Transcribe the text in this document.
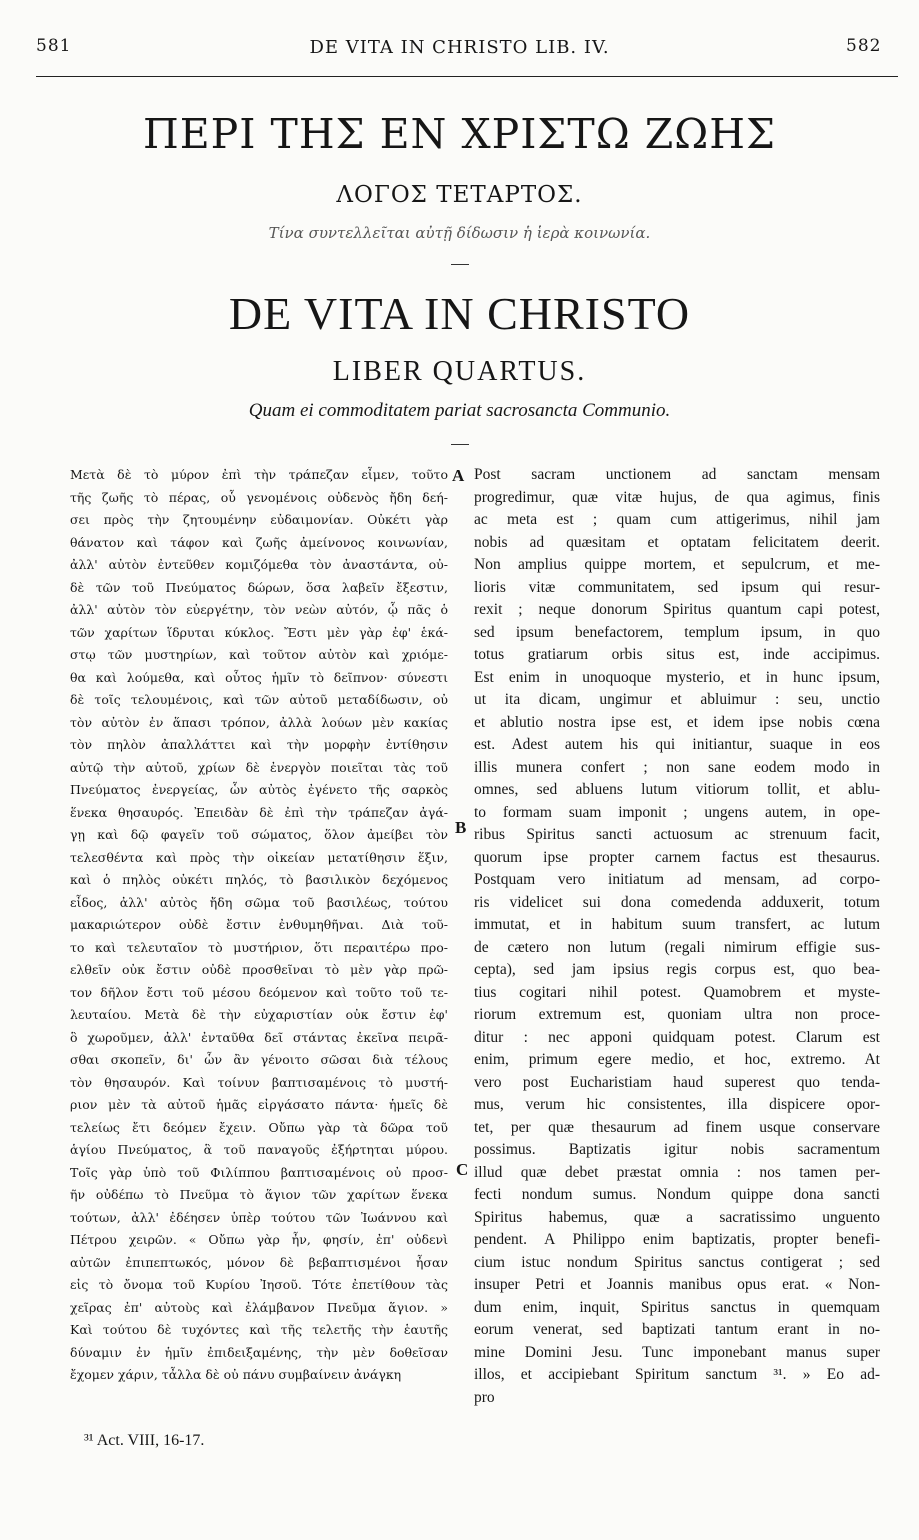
581	DE VITA IN CHRISTO LIB. IV.	582
ΠΕΡΙ ΤΗΣ ΕΝ ΧΡΙΣΤΩ ΖΩΗΣ
ΛΟΓΟΣ ΤΕΤΑΡΤΟΣ.
Τίνα συντελλεῖται αὐτῇ δίδωσιν ἡ ἱερὰ κοινωνία.
DE VITA IN CHRISTO
LIBER QUARTUS.
Quam ei commoditatem pariat sacrosancta Communio.
Μετὰ δὲ τὸ μύρον ἐπὶ τὴν τράπεζαν εἶμεν, τοῦτο
τῆς ζωῆς τὸ πέρας, οὗ γενομένοις οὐδενὸς ἤδη δεή-
σει πρὸς τὴν ζητουμένην εὐδαιμονίαν. Οὐκέτι γὰρ
θάνατον καὶ τάφον καὶ ζωῆς ἀμείνονος κοινωνίαν,
ἀλλ' αὐτὸν ἐντεῦθεν κομιζόμεθα τὸν ἀναστάντα, οὐ-
δὲ τῶν τοῦ Πνεύματος δώρων, ὅσα λαβεῖν ἔξεστιν,
ἀλλ' αὐτὸν τὸν εὐεργέτην, τὸν νεὼν αὐτόν, ᾧ πᾶς ὁ
τῶν χαρίτων ἵδρυται κύκλος. Ἔστι μὲν γὰρ ἐφ' ἑκά-
στῳ τῶν μυστηρίων, καὶ τοῦτον αὐτὸν καὶ χριόμε-
θα καὶ λούμεθα, καὶ οὗτος ἡμῖν τὸ δεῖπνον· σύνεστι
δὲ τοῖς τελουμένοις, καὶ τῶν αὐτοῦ μεταδίδωσιν, οὐ
τὸν αὐτὸν ἐν ἅπασι τρόπον, ἀλλὰ λούων μὲν κακίας
τὸν πηλὸν ἀπαλλάττει καὶ τὴν μορφὴν ἐντίθησιν
αὐτῷ τὴν αὐτοῦ, χρίων δὲ ἐνεργὸν ποιεῖται τὰς τοῦ
Πνεύματος ἐνεργείας, ὧν αὐτὸς ἐγένετο τῆς σαρκὸς
ἕνεκα θησαυρός. Ἐπειδὰν δὲ ἐπὶ τὴν τράπεζαν ἀγά-
γῃ καὶ δῷ φαγεῖν τοῦ σώματος, ὅλον ἀμείβει τὸν
τελεσθέντα καὶ πρὸς τὴν οἰκείαν μετατίθησιν ἕξιν,
καὶ ὁ πηλὸς οὐκέτι πηλός, τὸ βασιλικὸν δεχόμενος
εἶδος, ἀλλ' αὐτὸς ἤδη σῶμα τοῦ βασιλέως, τούτου
μακαριώτερον οὐδὲ ἔστιν ἐνθυμηθῆναι. Διὰ τοῦ-
το καὶ τελευταῖον τὸ μυστήριον, ὅτι περαιτέρω προ-
ελθεῖν οὐκ ἔστιν οὐδὲ προσθεῖναι τὸ μὲν γὰρ πρῶ-
τον δῆλον ἔστι τοῦ μέσου δεόμενον καὶ τοῦτο τοῦ τε-
λευταίου. Μετὰ δὲ τὴν εὐχαριστίαν οὐκ ἔστιν ἐφ'
ὃ χωροῦμεν, ἀλλ' ἐνταῦθα δεῖ στάντας ἐκεῖνα πειρᾶ-
σθαι σκοπεῖν, δι' ὧν ἂν γένοιτο σῶσαι διὰ τέλους
τὸν θησαυρόν. Καὶ τοίνυν βαπτισαμένοις τὸ μυστή-
ριον μὲν τὰ αὐτοῦ ἡμᾶς εἰργάσατο πάντα· ἡμεῖς δὲ
τελείως ἔτι δεόμεν ἔχειν. Οὔπω γὰρ τὰ δῶρα τοῦ
ἁγίου Πνεύματος, ἃ τοῦ παναγοῦς ἐξήρτηται μύρου.
Τοῖς γὰρ ὑπὸ τοῦ Φιλίππου βαπτισαμένοις οὐ προσ-
ῆν οὐδέπω τὸ Πνεῦμα τὸ ἅγιον τῶν χαρίτων ἕνεκα
τούτων, ἀλλ' ἐδέησεν ὑπὲρ τούτου τῶν Ἰωάννου καὶ
Πέτρου χειρῶν. « Οὔπω γὰρ ἦν, φησίν, ἐπ' οὐδενὶ
αὐτῶν ἐπιπεπτωκός, μόνον δὲ βεβαπτισμένοι ἦσαν
εἰς τὸ ὄνομα τοῦ Κυρίου Ἰησοῦ. Τότε ἐπετίθουν τὰς
χεῖρας ἐπ' αὐτοὺς καὶ ἐλάμβανον Πνεῦμα ἅγιον. »
Καὶ τούτου δὲ τυχόντες καὶ τῆς τελετῆς τὴν ἑαυτῆς
δύναμιν ἐν ἡμῖν ἐπιδειξαμένης, τὴν μὲν δοθεῖσαν
ἔχομεν χάριν, τἆλλα δὲ οὐ πάνυ συμβαίνειν ἀνάγκη
Post sacram unctionem ad sanctam mensam
progredimur, quæ vitæ hujus, de qua agimus, finis
ac meta est ; quam cum attigerimus, nihil jam
nobis ad quæsitam et optatam felicitatem deerit.
Non amplius quippe mortem, et sepulcrum, et me-
lioris vitæ communitatem, sed ipsum qui resur-
rexit ; neque donorum Spiritus quantum capi potest,
sed ipsum benefactorem, templum ipsum, in quo
totus gratiarum orbis situs est, inde accipimus.
Est enim in unoquoque mysterio, et in hunc ipsum,
ut ita dicam, ungimur et abluimur : seu, unctio
et ablutio nostra ipse est, et idem ipse nobis cœna
est. Adest autem his qui initiantur, suaque in eos
illis munera confert ; non sane eodem modo in
omnes, sed abluens lutum vitiorum tollit, et ablu-
to formam suam imponit ; ungens autem, in ope-
ribus Spiritus sancti actuosum ac strenuum facit,
quorum ipse propter carnem factus est thesaurus.
Postquam vero initiatum ad mensam, ad corpo-
ris videlicet sui dona comedenda adduxerit, totum
immutat, et in habitum suum transfert, ac lutum
de cætero non lutum (regali nimirum effigie sus-
cepta), sed jam ipsius regis corpus est, quo bea-
tius cogitari nihil potest. Quamobrem et myste-
riorum extremum est, quoniam ultra non proce-
ditur : nec apponi quidquam potest. Clarum est
enim, primum egere medio, et hoc, extremo. At
vero post Eucharistiam haud superest quo tenda-
mus, verum hic consistentes, illa dispicere opor-
tet, per quæ thesaurum ad finem usque conservare
possimus. Baptizatis igitur nobis sacramentum
illud quæ debet præstat omnia : nos tamen per-
fecti nondum sumus. Nondum quippe dona sancti
Spiritus habemus, quæ a sacratissimo unguento
pendent. A Philippo enim baptizatis, propter benefi-
cium istuc nondum Spiritus sanctus contigerat ; sed
insuper Petri et Joannis manibus opus erat. « Non-
dum enim, inquit, Spiritus sanctus in quemquam
eorum venerat, sed baptizati tantum erant in no-
mine Domini Jesu. Tunc imponebant manus super
illos, et accipiebant Spiritum sanctum ³¹. » Eo ad-
pro
A
B
C
³¹ Act. VIII, 16-17.
